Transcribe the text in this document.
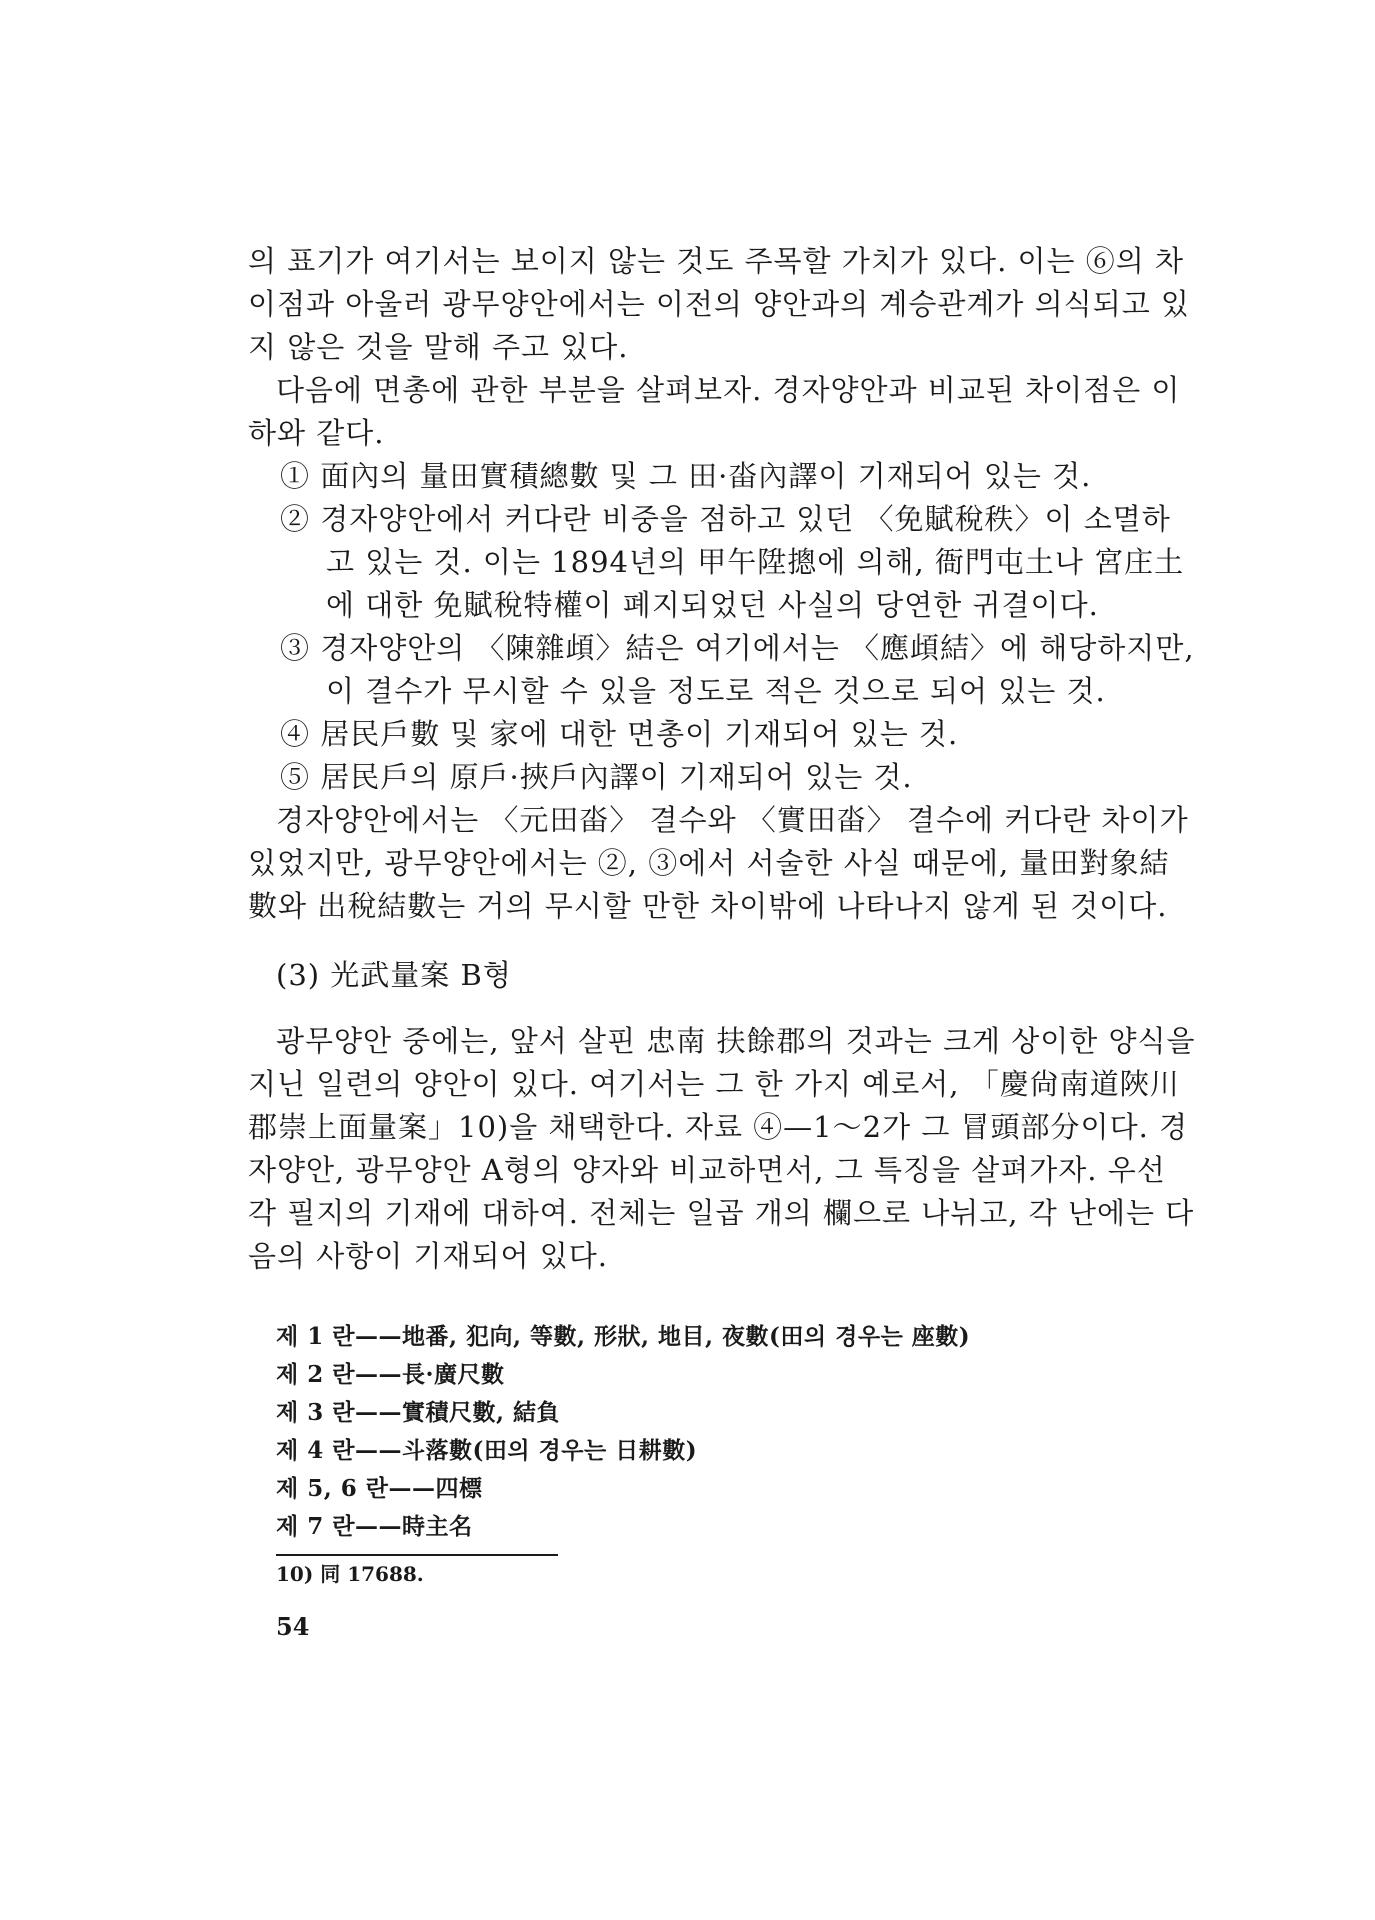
의 표기가 여기서는 보이지 않는 것도 주목할 가치가 있다. 이는 ⑥의 차이점과 아울러 광무양안에서는 이전의 양안과의 계승관계가 의식되고 있지 않은 것을 말해 주고 있다.

다음에 면총에 관한 부분을 살펴보자. 경자양안과 비교된 차이점은 이하와 같다.

① 面內의 量田實積總數 및 그 田·畓內譯이 기재되어 있는 것.

② 경자양안에서 커다란 비중을 점하고 있던 〈免賦稅秩〉이 소멸하고 있는 것. 이는 1894년의 甲午陞摠에 의해, 衙門屯土나 宮庄土에 대한 免賦稅特權이 폐지되었던 사실의 당연한 귀결이다.

③ 경자양안의 〈陳雜頉〉結은 여기에서는 〈應頉結〉에 해당하지만, 이 결수가 무시할 수 있을 정도로 적은 것으로 되어 있는 것.

④ 居民戶數 및 家에 대한 면총이 기재되어 있는 것.

⑤ 居民戶의 原戶·挾戶內譯이 기재되어 있는 것.

경자양안에서는 〈元田畓〉 결수와 〈實田畓〉 결수에 커다란 차이가 있었지만, 광무양안에서는 ②, ③에서 서술한 사실 때문에, 量田對象結數와 出稅結數는 거의 무시할 만한 차이밖에 나타나지 않게 된 것이다.

(3) 光武量案 B형

광무양안 중에는, 앞서 살핀 忠南 扶餘郡의 것과는 크게 상이한 양식을 지닌 일련의 양안이 있다. 여기서는 그 한 가지 예로서, 「慶尙南道陜川郡崇上面量案」10)을 채택한다. 자료 ④—1～2가 그 冒頭部分이다. 경자양안, 광무양안 A형의 양자와 비교하면서, 그 특징을 살펴가자. 우선 각 필지의 기재에 대하여. 전체는 일곱 개의 欄으로 나뉘고, 각 난에는 다음의 사항이 기재되어 있다.

제 1 란——地番, 犯向, 等數, 形狀, 地目, 夜數(田의 경우는 座數)
제 2 란——長·廣尺數
제 3 란——實積尺數, 結負
제 4 란——斗落數(田의 경우는 日耕數)
제 5, 6 란——四標
제 7 란——時主名
10) 同 17688.
54
